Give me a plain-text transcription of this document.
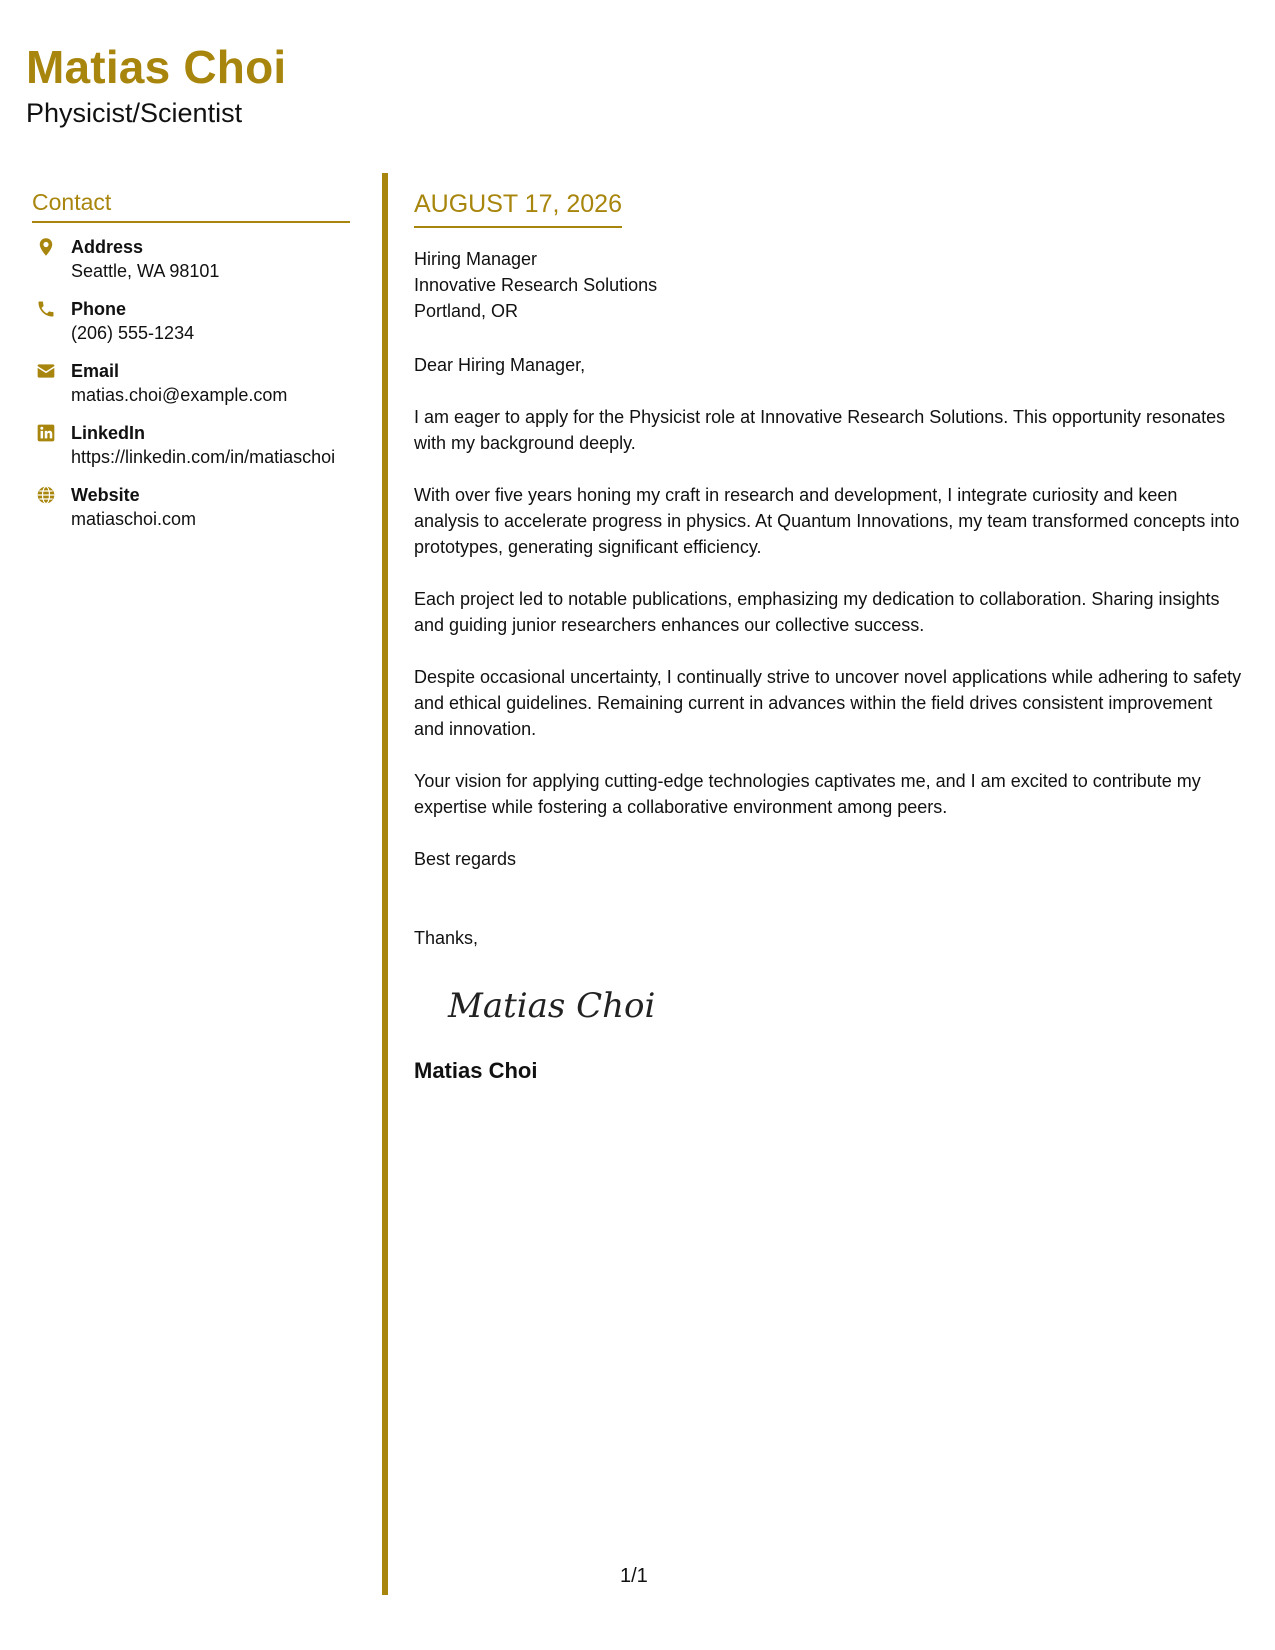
Matias Choi
Physicist/Scientist
Contact
Address
Seattle, WA 98101
Phone
(206) 555-1234
Email
matias.choi@example.com
LinkedIn
https://linkedin.com/in/matiaschoi
Website
matiaschoi.com
AUGUST 17, 2026
Hiring Manager
Innovative Research Solutions
Portland, OR
Dear Hiring Manager,
I am eager to apply for the Physicist role at Innovative Research Solutions. This opportunity resonates with my background deeply.
With over five years honing my craft in research and development, I integrate curiosity and keen analysis to accelerate progress in physics. At Quantum Innovations, my team transformed concepts into prototypes, generating significant efficiency.
Each project led to notable publications, emphasizing my dedication to collaboration. Sharing insights and guiding junior researchers enhances our collective success.
Despite occasional uncertainty, I continually strive to uncover novel applications while adhering to safety and ethical guidelines. Remaining current in advances within the field drives consistent improvement and innovation.
Your vision for applying cutting-edge technologies captivates me, and I am excited to contribute my expertise while fostering a collaborative environment among peers.
Best regards
Thanks,
Matias Choi
Matias Choi
1/1
